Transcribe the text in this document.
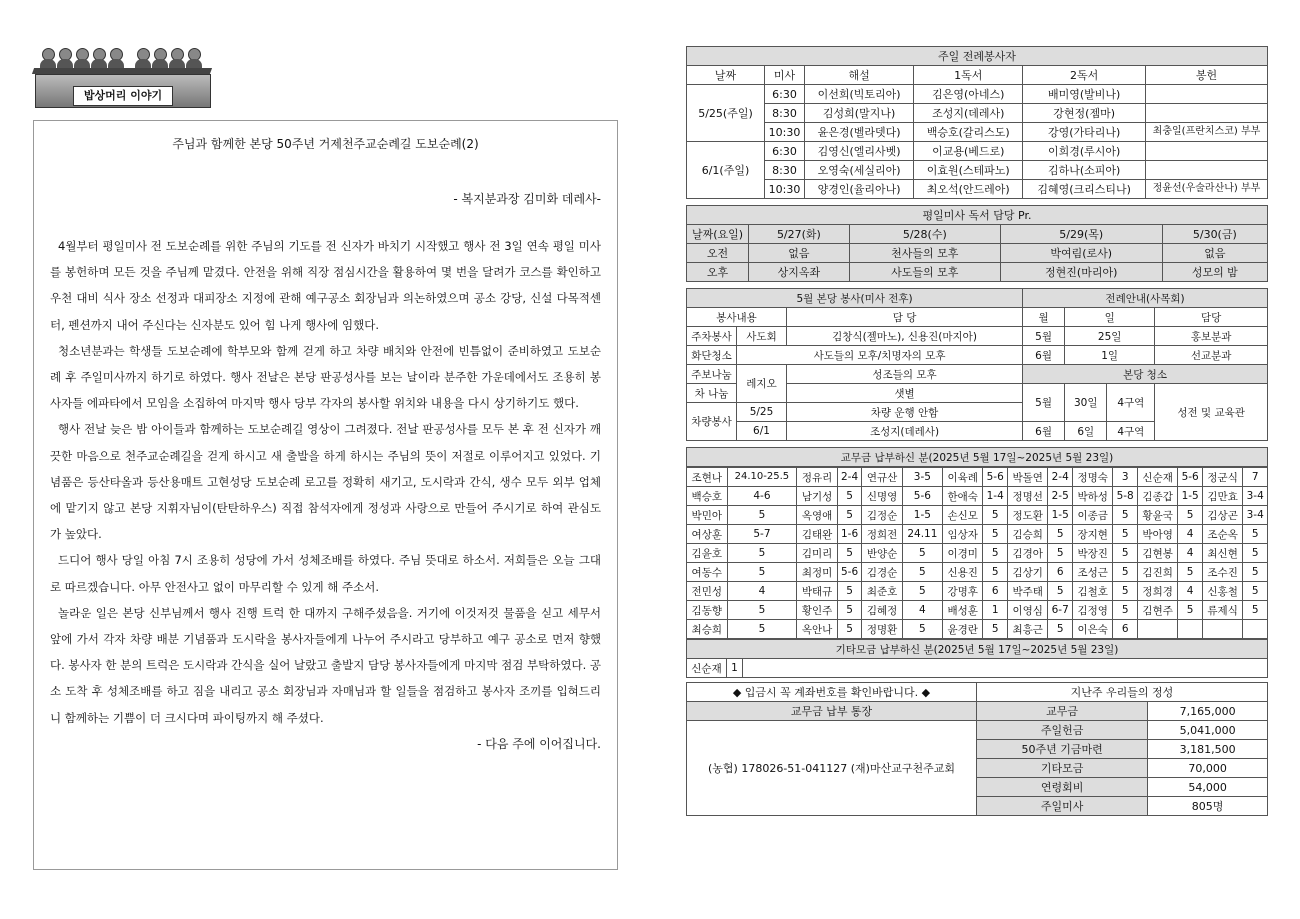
밥상머리 이야기
주님과 함께한 본당 50주년 거제천주교순례길 도보순례(2)
- 복지분과장 김미화 데레사-

4월부터 평일미사 전 도보순례를 위한 주님의 기도를 전 신자가 바치기 시작했고 행사 전 3일 연속 평일 미사를 봉헌하며 모든 것을 주님께 맡겼다. 안전을 위해 직장 점심시간을 활용하여 몇 번을 달려가 코스를 확인하고 우천 대비 식사 장소 선정과 대피장소 지정에 관해 예구공소 회장님과 의논하였으며 공소 강당, 신설 다목적센터, 펜션까지 내어 주신다는 신자분도 있어 힘 나게 행사에 임했다.

청소년분과는 학생들 도보순례에 학부모와 함께 걷게 하고 차량 배치와 안전에 빈틈없이 준비하였고 도보순례 후 주일미사까지 하기로 하였다. 행사 전날은 본당 판공성사를 보는 날이라 분주한 가운데에서도 조용히 봉사자들 에파타에서 모임을 소집하여 마지막 행사 당부 각자의 봉사할 위치와 내용을 다시 상기하기도 했다.

행사 전날 늦은 밤 아이들과 함께하는 도보순례길 영상이 그려졌다. 전날 판공성사를 모두 본 후 전 신자가 깨끗한 마음으로 천주교순례길을 걷게 하시고 새 출발을 하게 하시는 주님의 뜻이 저절로 이루어지고 있었다. 기념품은 등산타올과 등산용매트 고현성당 도보순례 로고를 정확히 새기고, 도시락과 간식, 생수 모두 외부 업체에 맡기지 않고 본당 지휘자님이(탄탄하우스) 직접 참석자에게 정성과 사랑으로 만들어 주시기로 하여 관심도가 높았다.

드디어 행사 당일 아침 7시 조용히 성당에 가서 성체조배를 하였다. 주님 뜻대로 하소서. 저희들은 오늘 그대로 따르겠습니다. 아무 안전사고 없이 마무리할 수 있게 해 주소서.

놀라운 일은 본당 신부님께서 행사 진행 트럭 한 대까지 구해주셨음을. 거기에 이것저것 물품을 싣고 세무서 앞에 가서 각자 차량 배분 기념품과 도시락을 봉사자들에게 나누어 주시라고 당부하고 예구 공소로 먼저 향했다. 봉사자 한 분의 트럭은 도시락과 간식을 실어 날랐고 출발지 담당 봉사자들에게 마지막 점검 부탁하였다. 공소 도착 후 성체조배를 하고 짐을 내리고 공소 회장님과 자매님과 할 일들을 점검하고 봉사자 조끼를 입혀드리니 함께하는 기쁨이 더 크시다며 파이팅까지 해 주셨다.

- 다음 주에 이어집니다.
주일 전례봉사자					
날짜	미사	해설	1독서	2독서	봉헌
5/25(주일)	6:30	이선희(빅토리아)	김은영(아네스)	배미영(발비나)	
	8:30	김성희(말지나)	조성지(데레사)	강현정(젬마)	
	10:30	윤은경(벨라뎃다)	백승호(갈리스도)	강영(가타리나)	최충일(프란치스코) 부부
6/1(주일)	6:30	김영신(엘리사벳)	이교용(베드로)	이희경(루시아)	
	8:30	오영숙(세실리아)	이효원(스테파노)	김하나(소피아)	
	10:30	양경인(율리아나)	최오석(안드레아)	김혜영(크리스티나)	정윤선(우술라산나) 부부
평일미사 독서 담당 Pr.				
날짜(요일)	5/27(화)	5/28(수)	5/29(목)	5/30(금)
오전	없음	천사들의 모후	박여림(로사)	없음
오후	상지옥좌	사도들의 모후	정현진(마리아)	성모의 밤
5월 본당 봉사(미사 전후)			전례안내(사목회)			
봉사내용		담 당	월	일		담당
주차봉사	사도회	김창식(젤마노), 신용진(마지아)	5월	25일		홍보분과
화단청소	사도들의 모후/치명자의 모후		6월	1일		선교분과
주보나눔	레지오	성조들의 모후	본당 청소			
차 나눔		샛별	5월	30일	4구역	성전 및 교육관
차량봉사	5/25	차량 운행 안함				
	6/1	조성지(데레사)	6월	6일	4구역	
교무금 납부하신 분(2025년 5월 17일~2025년 5월 23일)
조현나	24.10-25.5	정유리	2-4	연규산	3-5	이육례	5-6	박돌연	2-4	정명숙	3	신순재	5-6	정군식	7
백승호	4-6	남기성	5	신명영	5-6	한애숙	1-4	정명선	2-5	박하성	5-8	김종갑	1-5	김만효	3-4
박민아	5	옥영애	5	김정순	1-5	손신모	5	정도환	1-5	이종금	5	황윤국	5	김상곤	3-4
여상훈	5-7	김태완	1-6	정희전	24.11	임상자	5	김승희	5	장지현	5	박아영	4	조순옥	5
김윤호	5	김미리	5	반양순	5	이경미	5	김경아	5	박장진	5	김현봉	4	최신현	5
여동수	5	최정미	5-6	김경순	5	신용진	5	김상기	6	조성근	5	김진희	5	조수진	5
전민성	4	박태규	5	최준호	5	강명후	6	박주태	5	김철호	5	정희경	4	신홍철	5
김동향	5	황인주	5	김혜정	4	배성훈	1	이영심	6-7	김정영	5	김현주	5	류제식	5
최승희	5	옥안나	5	정명환	5	윤경란	5	최흥근	5	이은숙	6				
기타모금 납부하신 분(2025년 5월 17일~2025년 5월 23일)
신순재	1	
◆ 입금시 꼭 계좌번호를 확인바랍니다. ◆	지난주 우리들의 정성	
교무금 납부 통장	교무금	7,165,000
(농협) 178026-51-041127 (재)마산교구천주교회	주일헌금	5,041,000
	50주년 기금마련	3,181,500
	기타모금	70,000
	연령회비	54,000
	주일미사	805명
